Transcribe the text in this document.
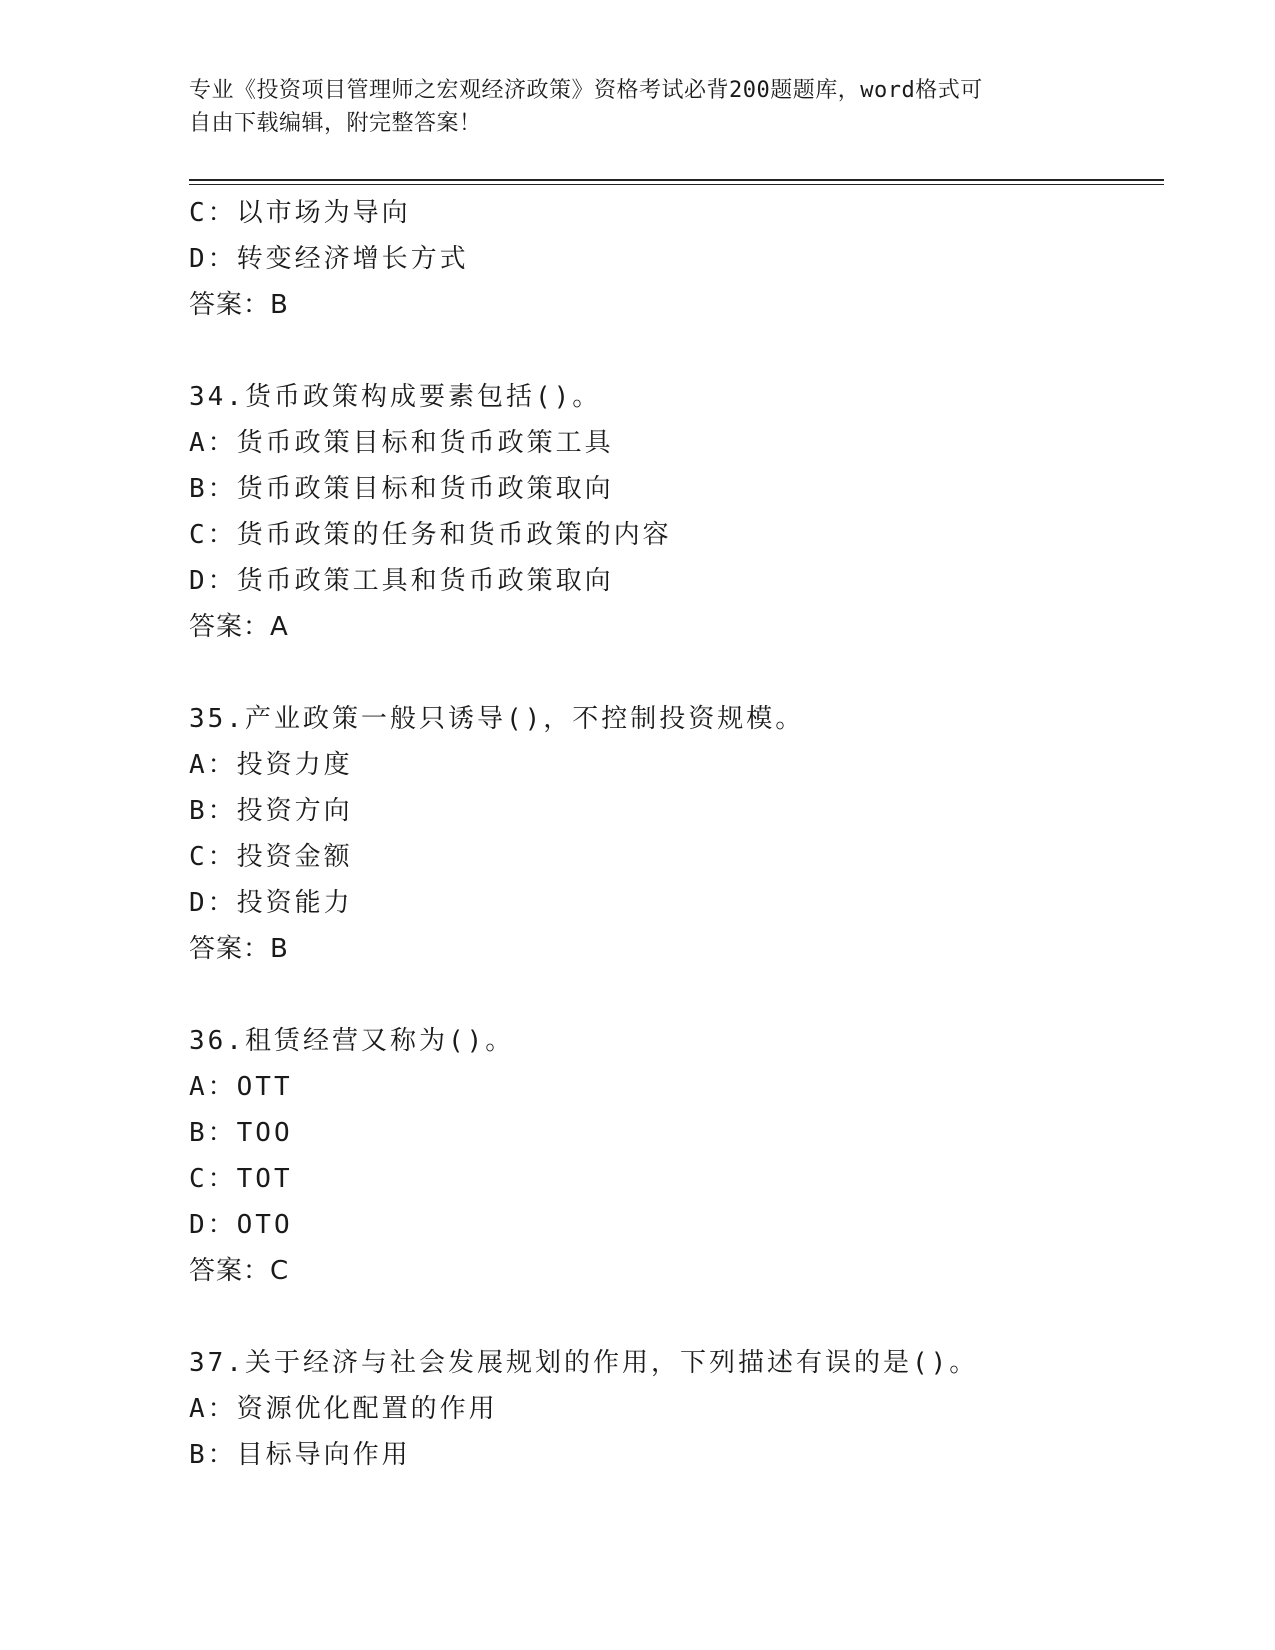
专业《投资项目管理师之宏观经济政策》资格考试必背200题题库，word格式可
自由下载编辑，附完整答案！
C：以市场为导向
D：转变经济增长方式
答案：B
34.货币政策构成要素包括()。
A：货币政策目标和货币政策工具
B：货币政策目标和货币政策取向
C：货币政策的任务和货币政策的内容
D：货币政策工具和货币政策取向
答案：A
35.产业政策一般只诱导()，不控制投资规模。
A：投资力度
B：投资方向
C：投资金额
D：投资能力
答案：B
36.租赁经营又称为()。
A：OTT
B：TOO
C：TOT
D：OTO
答案：C
37.关于经济与社会发展规划的作用，下列描述有误的是()。
A：资源优化配置的作用
B：目标导向作用
